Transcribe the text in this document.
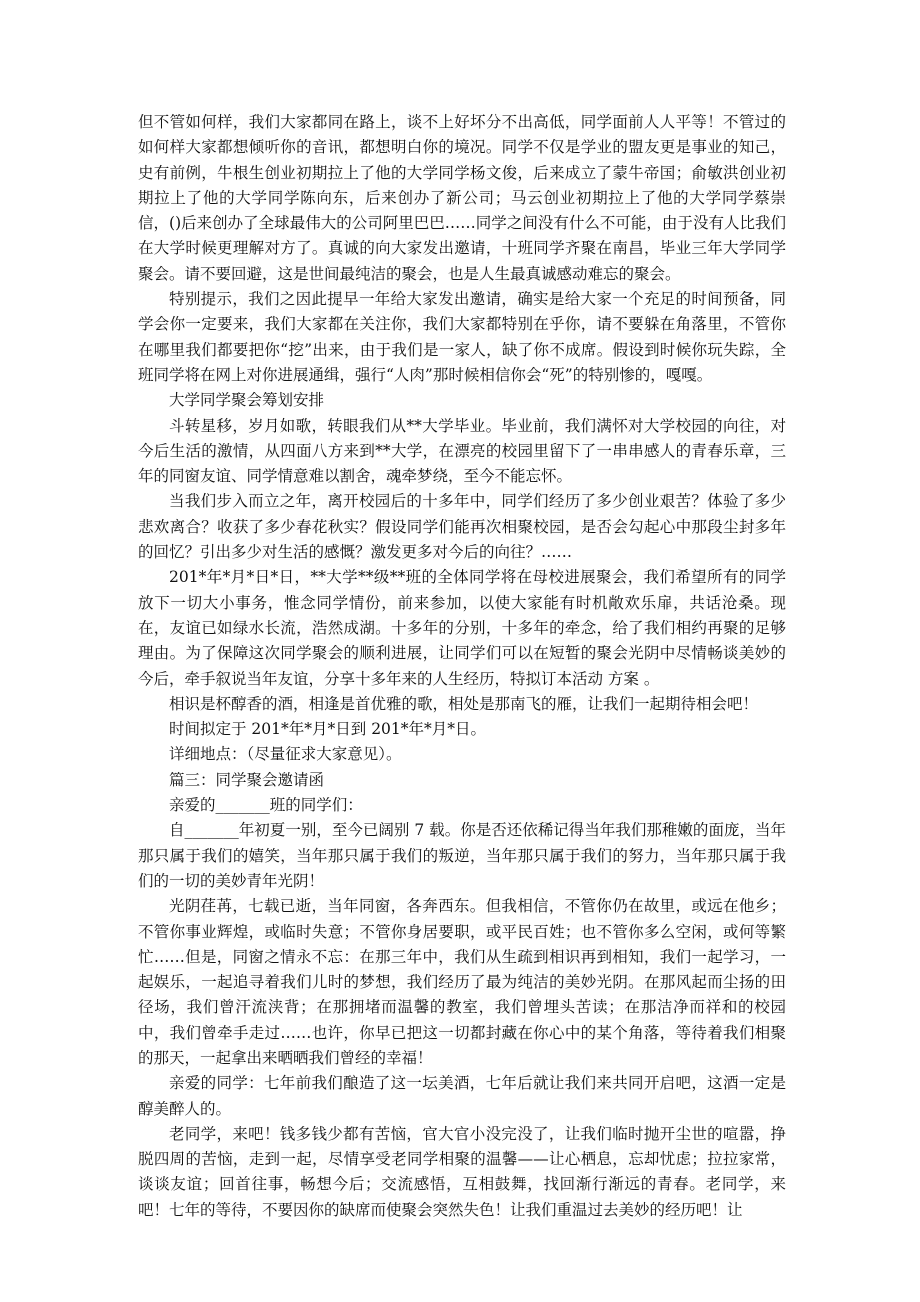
但不管如何样，我们大家都同在路上，谈不上好坏分不出高低，同学面前人人平等！不管过的如何样大家都想倾听你的音讯，都想明白你的境况。同学不仅是学业的盟友更是事业的知己，史有前例，牛根生创业初期拉上了他的大学同学杨文俊，后来成立了蒙牛帝国；俞敏洪创业初期拉上了他的大学同学陈向东，后来创办了新公司；马云创业初期拉上了他的大学同学蔡崇信，()后来创办了全球最伟大的公司阿里巴巴……同学之间没有什么不可能，由于没有人比我们在大学时候更理解对方了。真诚的向大家发出邀请，十班同学齐聚在南昌，毕业三年大学同学聚会。请不要回避，这是世间最纯洁的聚会，也是人生最真诚感动难忘的聚会。

特别提示，我们之因此提早一年给大家发出邀请，确实是给大家一个充足的时间预备，同学会你一定要来，我们大家都在关注你，我们大家都特别在乎你，请不要躲在角落里，不管你在哪里我们都要把你“挖”出来，由于我们是一家人，缺了你不成席。假设到时候你玩失踪，全班同学将在网上对你进展通缉，强行“人肉”那时候相信你会“死”的特别惨的，嘎嘎。

大学同学聚会筹划安排

斗转星移，岁月如歌，转眼我们从**大学毕业。毕业前，我们满怀对大学校园的向往，对今后生活的激情，从四面八方来到**大学，在漂亮的校园里留下了一串串感人的青春乐章，三年的同窗友谊、同学情意难以割舍，魂牵梦绕，至今不能忘怀。

当我们步入而立之年，离开校园后的十多年中，同学们经历了多少创业艰苦？体验了多少悲欢离合？收获了多少春花秋实？假设同学们能再次相聚校园，是否会勾起心中那段尘封多年的回忆？引出多少对生活的感慨？激发更多对今后的向往？……

201*年*月*日*日，**大学**级**班的全体同学将在母校进展聚会，我们希望所有的同学放下一切大小事务，惟念同学情份，前来参加，以使大家能有时机敞欢乐扉，共话沧桑。现在，友谊已如绿水长流，浩然成湖。十多年的分别，十多年的牵念，给了我们相约再聚的足够理由。为了保障这次同学聚会的顺利进展，让同学们可以在短暂的聚会光阴中尽情畅谈美妙的今后，牵手叙说当年友谊，分享十多年来的人生经历，特拟订本活动 方案 。

相识是杯醇香的酒，相逢是首优雅的歌，相处是那南飞的雁，让我们一起期待相会吧！

时间拟定于 201*年*月*日到 201*年*月*日。

详细地点：（尽量征求大家意见）。

篇三：同学聚会邀请函

亲爱的_______班的同学们：

自_______年初夏一别，至今已阔别 7 载。你是否还依稀记得当年我们那稚嫩的面庞，当年那只属于我们的嬉笑，当年那只属于我们的叛逆，当年那只属于我们的努力，当年那只属于我们的一切的美妙青年光阴！

光阴荏苒，七载已逝，当年同窗，各奔西东。但我相信，不管你仍在故里，或远在他乡；不管你事业辉煌，或临时失意；不管你身居要职，或平民百姓；也不管你多么空闲，或何等繁忙……但是，同窗之情永不忘：在那三年中，我们从生疏到相识再到相知，我们一起学习，一起娱乐，一起追寻着我们儿时的梦想，我们经历了最为纯洁的美妙光阴。在那风起而尘扬的田径场，我们曾汗流浃背；在那拥堵而温馨的教室，我们曾埋头苦读；在那洁净而祥和的校园中，我们曾牵手走过……也许，你早已把这一切都封藏在你心中的某个角落，等待着我们相聚的那天，一起拿出来晒晒我们曾经的幸福！

亲爱的同学：七年前我们酿造了这一坛美酒，七年后就让我们来共同开启吧，这酒一定是醇美醉人的。

老同学，来吧！钱多钱少都有苦恼，官大官小没完没了，让我们临时抛开尘世的喧嚣，挣脱四周的苦恼，走到一起，尽情享受老同学相聚的温馨——让心栖息，忘却忧虑；拉拉家常，谈谈友谊；回首往事，畅想今后；交流感悟，互相鼓舞，找回渐行渐远的青春。老同学，来吧！七年的等待，不要因你的缺席而使聚会突然失色！让我们重温过去美妙的经历吧！让
